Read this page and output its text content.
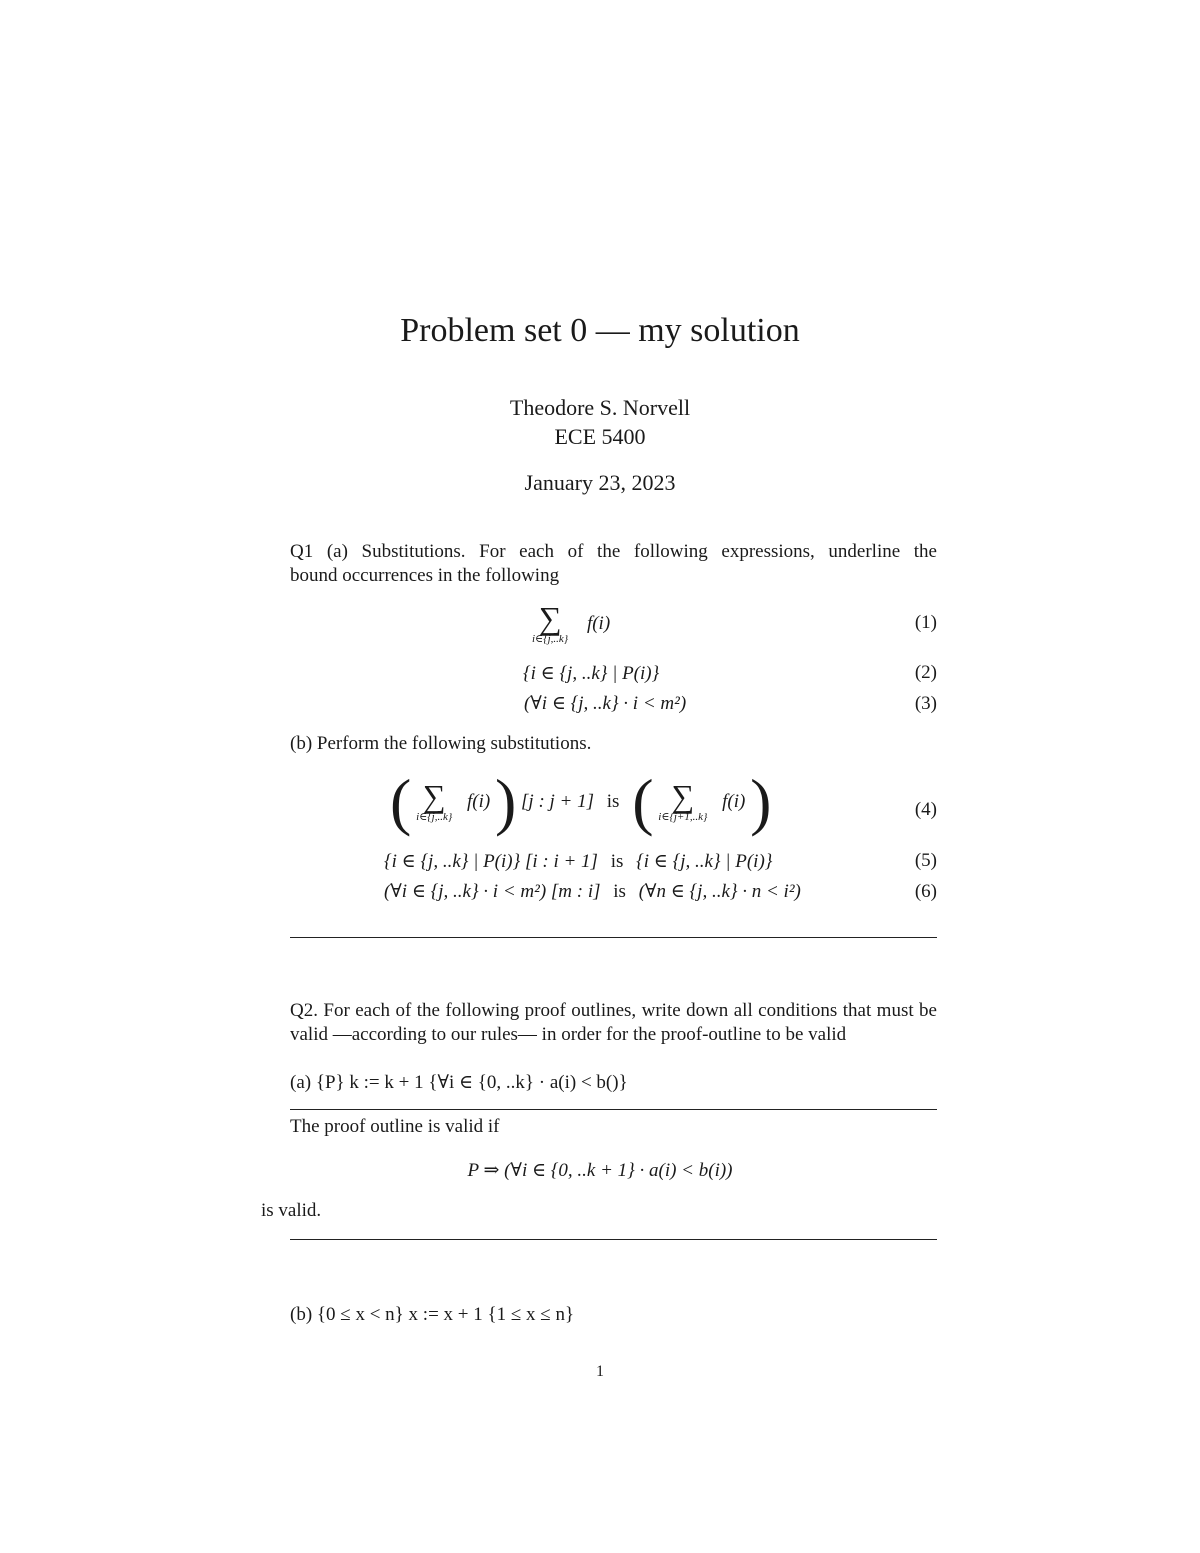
Problem set 0 — my solution
Theodore S. Norvell
ECE 5400
January 23, 2023
Q1 (a) Substitutions. For each of the following expressions, underline the
bound occurrences in the following
∑
i∈{j,..k}
f(i)	(1)
{i ∈ {j, ..k} | P(i)}	(2)
(∀i ∈ {j, ..k} · i < m²)	(3)
(b) Perform the following substitutions.
( ∑
i∈{j,..k}
f(i) ) [j : j + 1] is ( ∑
i∈{j+1,..k}
f(i) )	(4)
{i ∈ {j, ..k} | P(i)} [i : i + 1] is {i ∈ {j, ..k} | P(i)}	(5)
(∀i ∈ {j, ..k} · i < m²) [m : i] is (∀n ∈ {j, ..k} · n < i²)	(6)
Q2. For each of the following proof outlines, write down all conditions that must be valid —according to our rules— in order for the proof-outline to be valid
(a) {P} k := k + 1 {∀i ∈ {0, ..k} · a(i) < b()}
The proof outline is valid if
P ⇒ (∀i ∈ {0, ..k + 1} · a(i) < b(i))
is valid.
(b) {0 ≤ x < n} x := x + 1 {1 ≤ x ≤ n}
1
